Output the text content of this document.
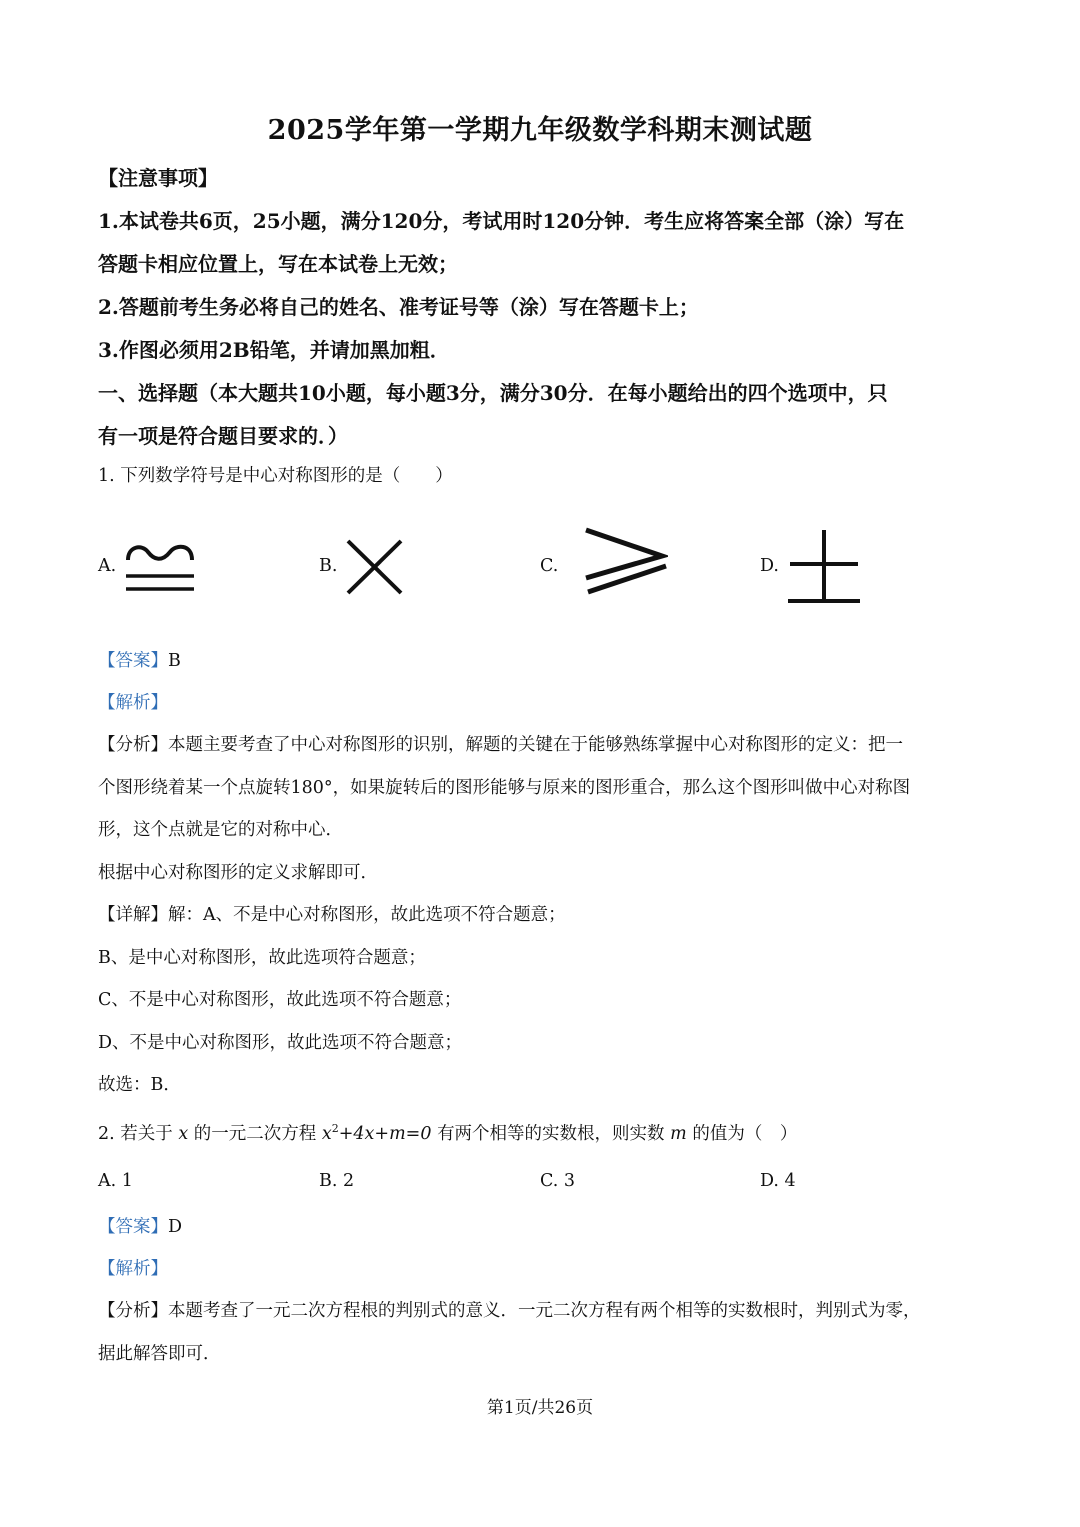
2025学年第一学期九年级数学科期末测试题
【注意事项】
1.本试卷共6页，25小题，满分120分，考试用时120分钟．考生应将答案全部（涂）写在
答题卡相应位置上，写在本试卷上无效；
2.答题前考生务必将自己的姓名、准考证号等（涂）写在答题卡上；
3.作图必须用2B铅笔，并请加黑加粗．
一、选择题（本大题共10小题，每小题3分，满分30分．在每小题给出的四个选项中，只
有一项是符合题目要求的．）
1. 下列数学符号是中心对称图形的是（　　）
A.	B.	C.	D.
【答案】B
【解析】
【分析】本题主要考查了中心对称图形的识别，解题的关键在于能够熟练掌握中心对称图形的定义：把一
个图形绕着某一个点旋转180°，如果旋转后的图形能够与原来的图形重合，那么这个图形叫做中心对称图
形，这个点就是它的对称中心．
根据中心对称图形的定义求解即可．
【详解】解：A、不是中心对称图形，故此选项不符合题意；
B、是中心对称图形，故此选项符合题意；
C、不是中心对称图形，故此选项不符合题意；
D、不是中心对称图形，故此选项不符合题意；
故选：B．
2. 若关于 x 的一元二次方程 $x^2+4x+m=0$ 有两个相等的实数根，则实数 m 的值为（　）
A. 1	B. 2	C. 3	D. 4
【答案】D
【解析】
【分析】本题考查了一元二次方程根的判别式的意义．一元二次方程有两个相等的实数根时，判别式为零，
据此解答即可．
第1页/共26页
